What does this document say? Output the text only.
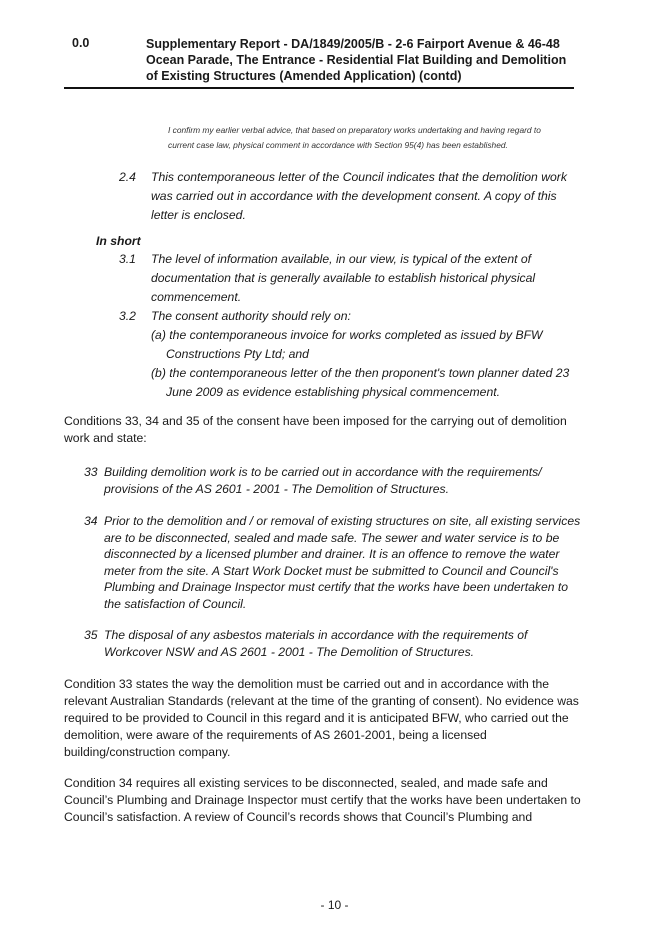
0.0	Supplementary Report - DA/1849/2005/B - 2-6 Fairport Avenue & 46-48
Ocean Parade, The Entrance - Residential Flat Building and Demolition
of Existing Structures (Amended Application) (contd)
I confirm my earlier verbal advice, that based on preparatory works undertaking and having regard to
current case law, physical comment in accordance with Section 95(4) has been established.
2.4	This contemporaneous letter of the Council indicates that the demolition work
was carried out in accordance with the development consent. A copy of this
letter is enclosed.
In short
3.1	The level of information available, in our view, is typical of the extent of
documentation that is generally available to establish historical physical
commencement.
3.2	The consent authority should rely on:
(a) the contemporaneous invoice for works completed as issued by BFW Constructions Pty Ltd; and
(b) the contemporaneous letter of the then proponent's town planner dated 23 June 2009 as evidence establishing physical commencement.
Conditions 33, 34 and 35 of the consent have been imposed for the carrying out of demolition work and state:
33 Building demolition work is to be carried out in accordance with the requirements/ provisions of the AS 2601 - 2001 - The Demolition of Structures.
34 Prior to the demolition and / or removal of existing structures on site, all existing services are to be disconnected, sealed and made safe. The sewer and water service is to be disconnected by a licensed plumber and drainer. It is an offence to remove the water meter from the site. A Start Work Docket must be submitted to Council and Council's Plumbing and Drainage Inspector must certify that the works have been undertaken to the satisfaction of Council.
35 The disposal of any asbestos materials in accordance with the requirements of Workcover NSW and AS 2601 - 2001 - The Demolition of Structures.
Condition 33 states the way the demolition must be carried out and in accordance with the relevant Australian Standards (relevant at the time of the granting of consent). No evidence was required to be provided to Council in this regard and it is anticipated BFW, who carried out the demolition, were aware of the requirements of AS 2601-2001, being a licensed building/construction company.
Condition 34 requires all existing services to be disconnected, sealed, and made safe and Council’s Plumbing and Drainage Inspector must certify that the works have been undertaken to Council’s satisfaction. A review of Council’s records shows that Council’s Plumbing and
- 10 -
